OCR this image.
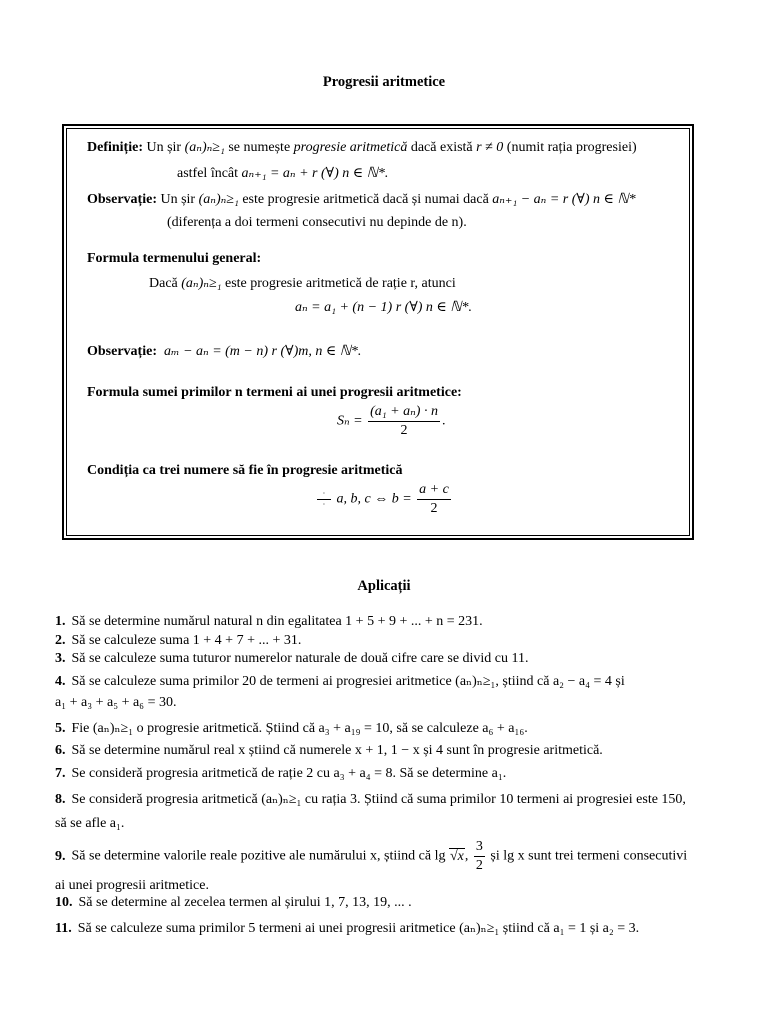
Progresii aritmetice
Definiție: Un șir (aₙ)ₙ≥₁ se numește progresie aritmetică dacă există r ≠ 0 (numit rația progresiei)
astfel încât aₙ₊₁ = aₙ + r (∀) n ∈ ℕ*.
Observație: Un șir (aₙ)ₙ≥₁ este progresie aritmetică dacă și numai dacă aₙ₊₁ − aₙ = r (∀) n ∈ ℕ*
(diferența a doi termeni consecutivi nu depinde de n).
Formula termenului general:
Dacă (aₙ)ₙ≥₁ este progresie aritmetică de rație r, atunci
aₙ = a₁ + (n − 1) r (∀) n ∈ ℕ*.
Observație: aₘ − aₙ = (m − n) r (∀)m, n ∈ ℕ*.
Formula sumei primilor n termeni ai unei progresii aritmetice:
$S_n = \frac{\text{(a₁ + aₙ) · n}}{2}$ .
Condiția ca trei numere să fie în progresie aritmetică
$\frac{\cdot}{\cdot} a$, b, c ⇔ $b = \frac{a + c}{2}$
Aplicații
1. Să se determine numărul natural n din egalitatea 1 + 5 + 9 + ... + n = 231.
2. Să se calculeze suma 1 + 4 + 7 + ... + 31.
3. Să se calculeze suma tuturor numerelor naturale de două cifre care se divid cu 11.
4. Să se calculeze suma primilor 20 de termeni ai progresiei aritmetice (aₙ)ₙ≥₁, știind că a₂ − a₄ = 4 și
a₁ + a₃ + a₅ + a₆ = 30.
5. Fie (aₙ)ₙ≥₁ o progresie aritmetică. Știind că a₃ + a₁₉ = 10, să se calculeze a₆ + a₁₆.
6. Să se determine numărul real x știind că numerele x + 1, 1 − x și 4 sunt în progresie aritmetică.
7. Se consideră progresia aritmetică de rație 2 cu a₃ + a₄ = 8. Să se determine a₁.
8. Se consideră progresia aritmetică (aₙ)ₙ≥₁ cu rația 3. Știind că suma primilor 10 termeni ai progresiei este 150,
să se afle a₁.
9. Să se determine valorile reale pozitive ale numărului x, știind că lg √x, $\frac{3}{2}$ și lg x sunt trei termeni consecutivi
ai unei progresii aritmetice.
10. Să se determine al zecelea termen al șirului 1, 7, 13, 19, ... .
11. Să se calculeze suma primilor 5 termeni ai unei progresii aritmetice (aₙ)ₙ≥₁ știind că a₁ = 1 și a₂ = 3.
